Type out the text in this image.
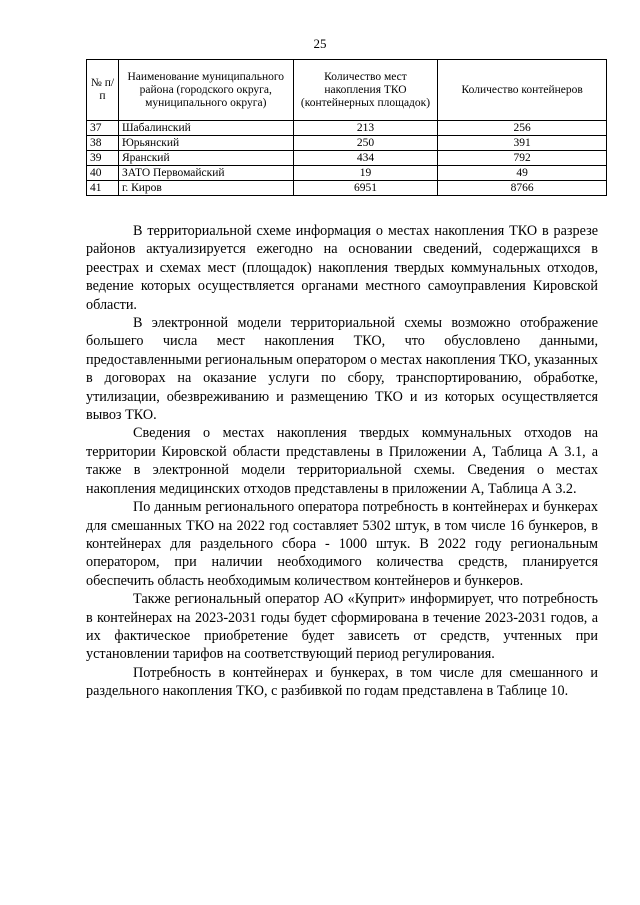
25
№ п/п	Наименование муниципального района (городского округа, муниципального округа)	Количество мест накопления ТКО (контейнерных площадок)	Количество контейнеров
37	Шабалинский	213	256
38	Юрьянский	250	391
39	Яранский	434	792
40	ЗАТО Первомайский	19	49
41	г. Киров	6951	8766

В территориальной схеме информация о местах накопления ТКО в разрезе районов актуализируется ежегодно на основании сведений, содержащихся в реестрах и схемах мест (площадок) накопления твердых коммунальных отходов, ведение которых осуществляется органами местного самоуправления Кировской области.

В электронной модели территориальной схемы возможно отображение большего числа мест накопления ТКО, что обусловлено данными, предоставленными региональным оператором о местах накопления ТКО, указанных в договорах на оказание услуги по сбору, транспортированию, обработке, утилизации, обезвреживанию и размещению ТКО и из которых осуществляется вывоз ТКО.

Сведения о местах накопления твердых коммунальных отходов на территории Кировской области представлены в Приложении А, Таблица А 3.1, а также в электронной модели территориальной схемы. Сведения о местах накопления медицинских отходов представлены в приложении А, Таблица А 3.2.

По данным регионального оператора потребность в контейнерах и бункерах для смешанных ТКО на 2022 год составляет 5302 штук, в том числе 16 бункеров, в контейнерах для раздельного сбора - 1000 штук. В 2022 году региональным оператором, при наличии необходимого количества средств, планируется обеспечить область необходимым количеством контейнеров и бункеров.

Также региональный оператор АО «Куприт» информирует, что потребность в контейнерах на 2023-2031 годы будет сформирована в течение 2023-2031 годов, а их фактическое приобретение будет зависеть от средств, учтенных при установлении тарифов на соответствующий период регулирования.

Потребность в контейнерах и бункерах, в том числе для смешанного и раздельного накопления ТКО, с разбивкой по годам представлена в Таблице 10.
